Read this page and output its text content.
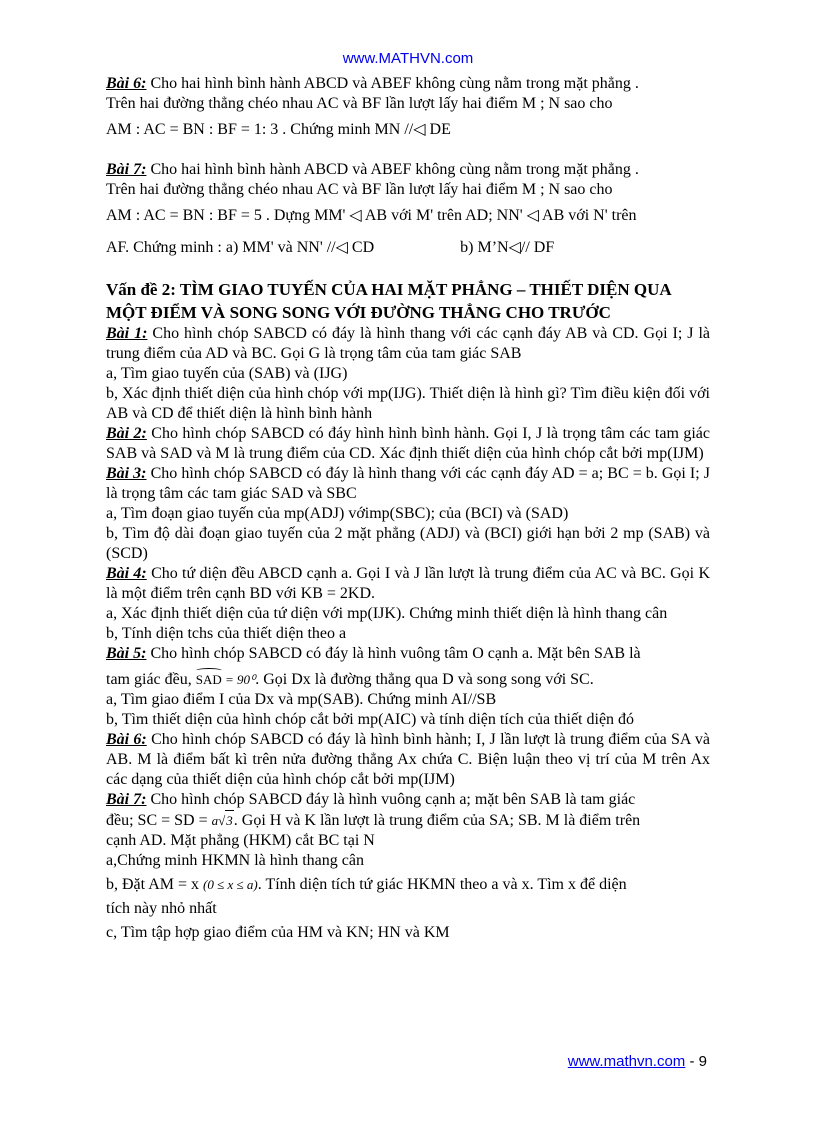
www.MATHVN.com

Bài 6: Cho hai hình bình hành ABCD và ABEF không cùng nằm trong mặt phẳng .

Trên hai đường thẳng chéo nhau AC và BF lần lượt lấy hai điểm M ; N sao cho

AM : AC = BN : BF = 1: 3 . Chứng minh MN //◁ DE

Bài 7: Cho hai hình bình hành ABCD và ABEF không cùng nằm trong mặt phẳng .

Trên hai đường thẳng chéo nhau AC và BF lần lượt lấy hai điểm M ; N sao cho

AM : AC = BN : BF = 5 . Dựng MM' ◁ AB với M' trên AD; NN' ◁ AB với N' trên

AF. Chứng minh : a) MM' và NN' //◁ CD	b) M’N◁// DF

Vấn đề 2: TÌM GIAO TUYẾN CỦA HAI MẶT PHẲNG – THIẾT DIỆN QUA MỘT ĐIỂM VÀ SONG SONG VỚI ĐƯỜNG THẲNG CHO TRƯỚC

Bài 1: Cho hình chóp SABCD có đáy là hình thang với các cạnh đáy AB và CD. Gọi I; J là trung điểm của AD và BC. Gọi G là trọng tâm của tam giác SAB

a, Tìm giao tuyến của (SAB) và (IJG)

b, Xác định thiết diện của hình chóp với mp(IJG). Thiết diện là hình gì? Tìm điều kiện đối với AB và CD để thiết diện là hình bình hành

Bài 2: Cho hình chóp SABCD có đáy hình hình bình hành. Gọi I, J là trọng tâm các tam giác SAB và SAD và M là trung điểm của CD. Xác định thiết diện của hình chóp cắt bởi mp(IJM)

Bài 3: Cho hình chóp SABCD có đáy là hình thang với các cạnh đáy AD = a; BC = b. Gọi I; J là trọng tâm các tam giác SAD và SBC

a, Tìm đoạn giao tuyến của mp(ADJ) vớimp(SBC); của (BCI) và (SAD)

b, Tìm độ dài đoạn giao tuyến của 2 mặt phẳng (ADJ) và (BCI) giới hạn bởi 2 mp (SAB) và (SCD)

Bài 4: Cho tứ diện đều ABCD cạnh a. Gọi I và J lần lượt là trung điểm của AC và BC. Gọi K là một điểm trên cạnh BD với KB = 2KD.

a, Xác định thiết diện của tứ diện với mp(IJK). Chứng minh thiết diện là hình thang cân

b, Tính diện tchs của thiết diện theo a

Bài 5: Cho hình chóp SABCD có đáy là hình vuông tâm O cạnh a. Mặt bên SAB là

tam giác đều, SAD = 90⁰. Gọi Dx là đường thẳng qua D và song song với SC.

a, Tìm giao điểm I của Dx và mp(SAB). Chứng minh AI//SB

b, Tìm thiết diện của hình chóp cắt bởi mp(AIC) và tính diện tích của thiết diện đó

Bài 6: Cho hình chóp SABCD có đáy là hình bình hành; I, J lần lượt là trung điểm của SA và AB. M là điểm bất kì trên nửa đường thẳng Ax chứa C. Biện luận theo vị trí của M trên Ax các dạng của thiết diện của hình chóp cắt bởi mp(IJM)

Bài 7: Cho hình chóp SABCD đáy là hình vuông cạnh a; mặt bên SAB là tam giác

đều; SC = SD = a√3. Gọi H và K lần lượt là trung điểm của SA; SB. M là điểm trên

cạnh AD. Mặt phẳng (HKM) cắt BC tại N

a,Chứng minh HKMN là hình thang cân

b, Đặt AM = x (0 ≤ x ≤ a). Tính diện tích tứ giác HKMN theo a và x. Tìm x để diện

tích này nhỏ nhất

c, Tìm tập hợp giao điểm của HM và KN; HN và KM

www.mathvn.com - 9
